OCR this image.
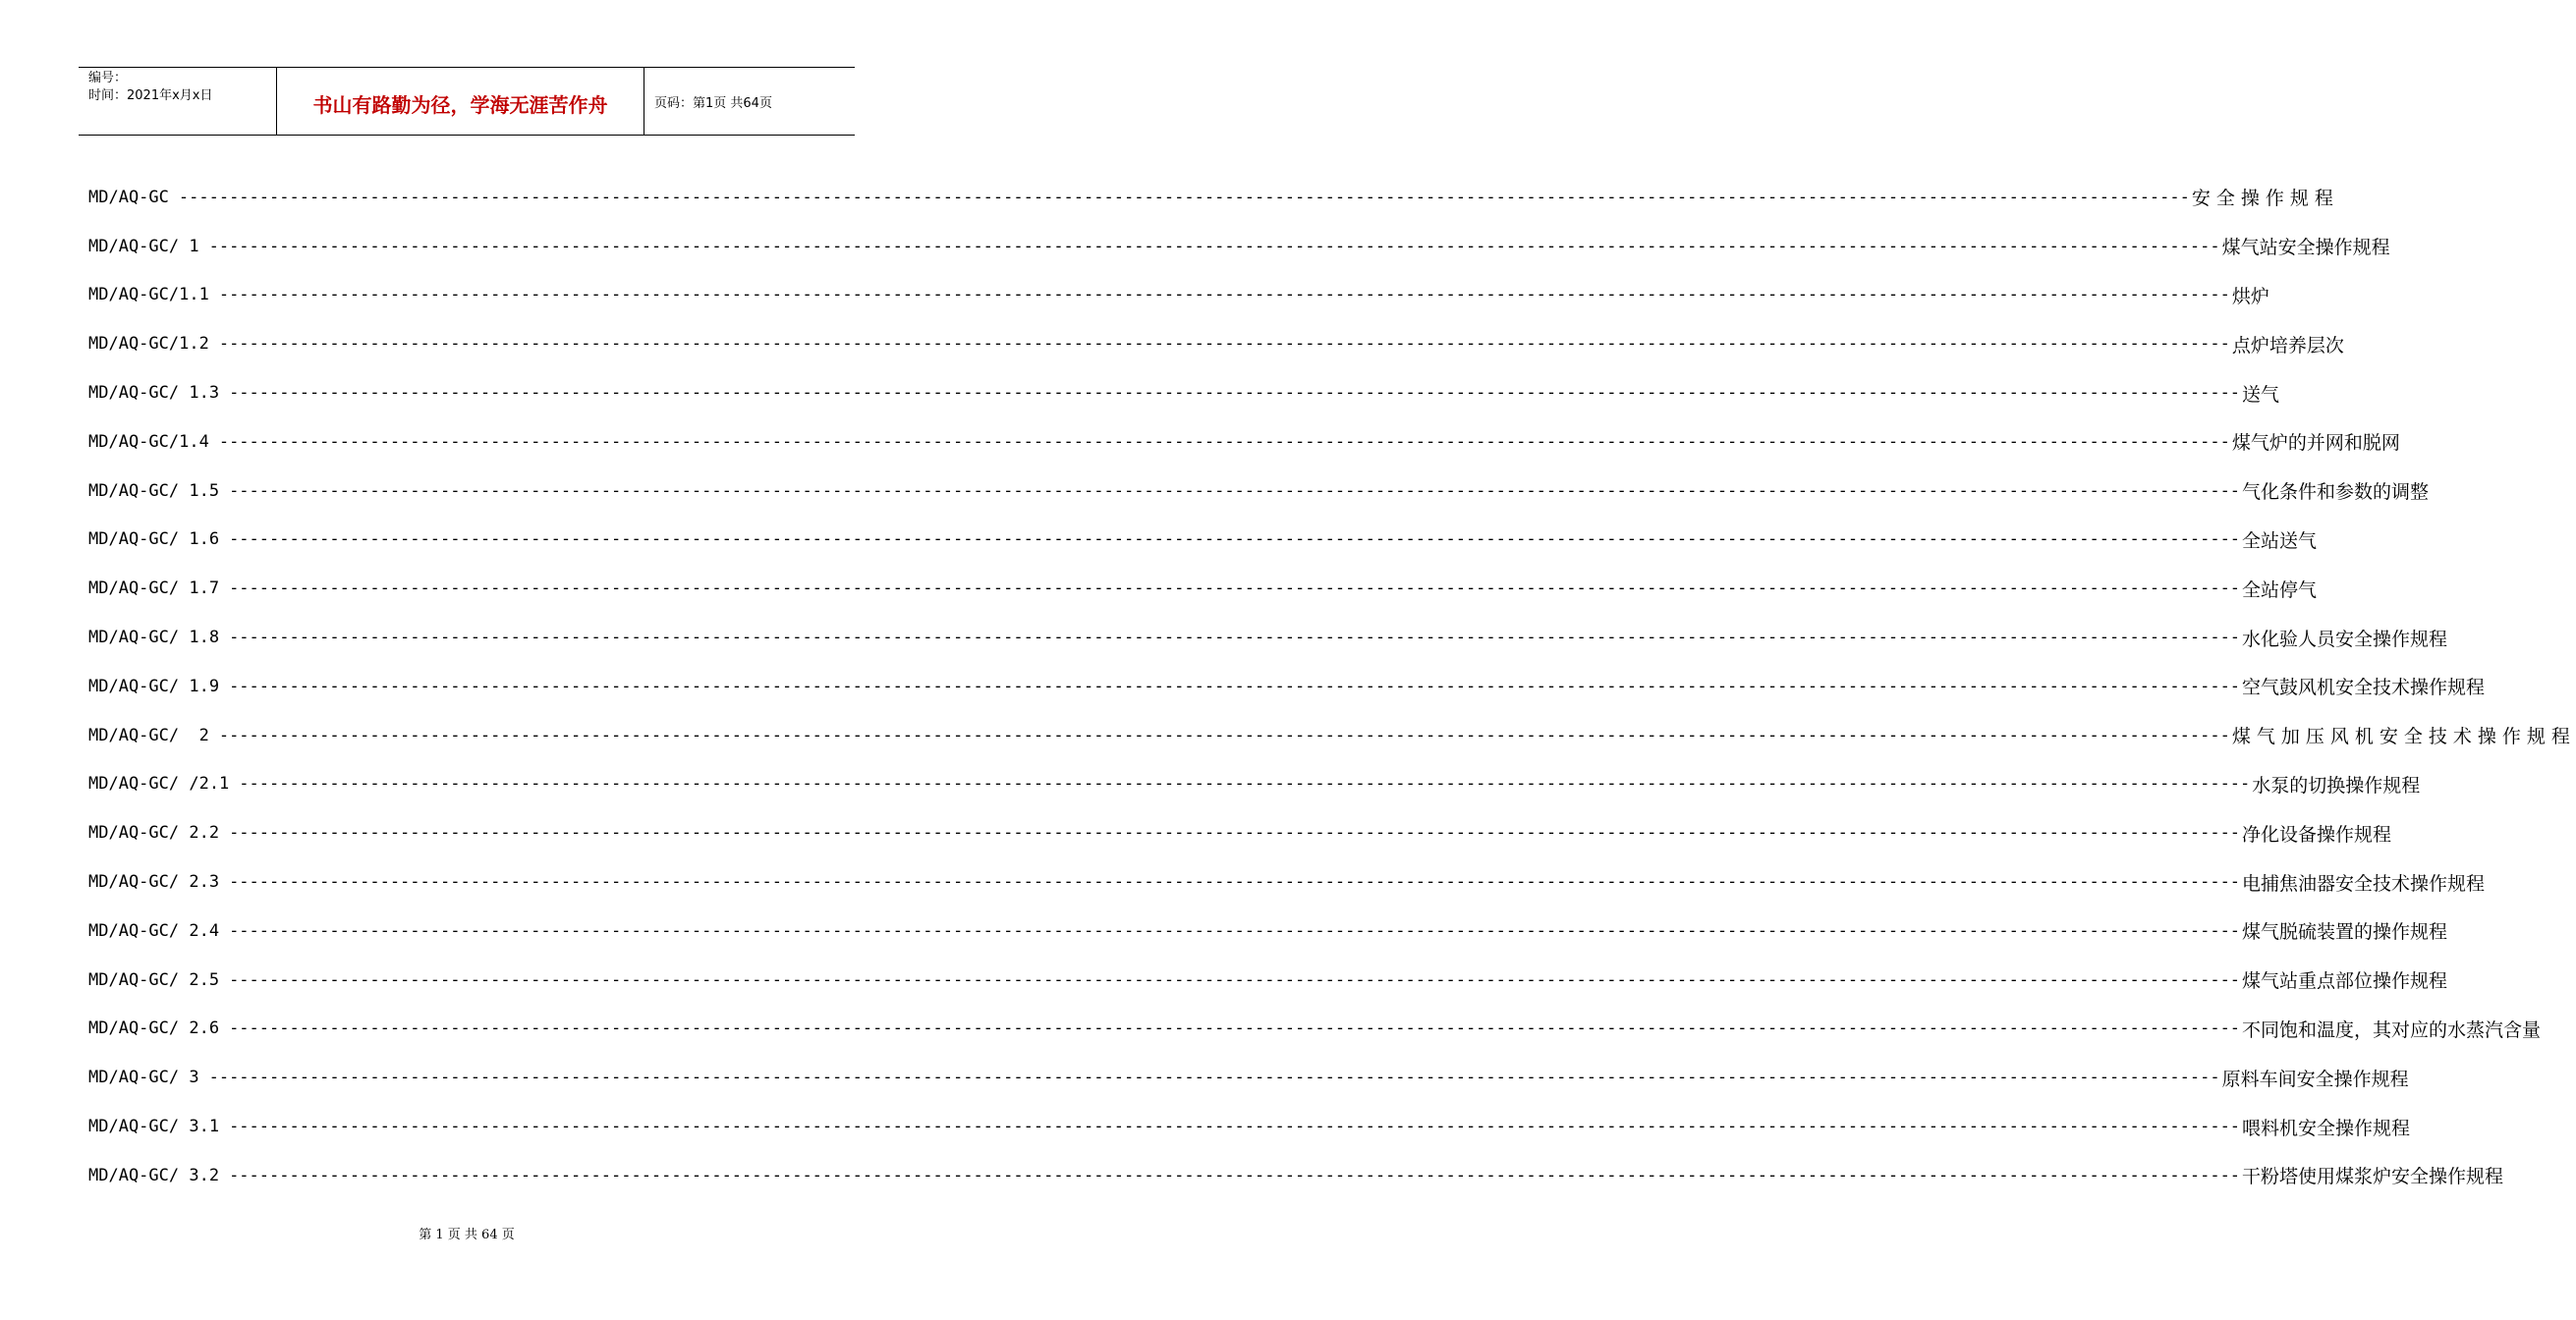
编号：
时间：2021年x月x日	书山有路勤为径，学海无涯苦作舟	页码：第1页 共64页
MD/AQ-GC -------------------------------------------------------------------------------------------------------------------------------------------------------------------------------------------------------- 安全操作规程
MD/AQ-GC/ 1 -------------------------------------------------------------------------------------------------------------------------------------------------------------------------------------------------------- 煤气站安全操作规程
MD/AQ-GC/1.1 -------------------------------------------------------------------------------------------------------------------------------------------------------------------------------------------------------- 烘炉
MD/AQ-GC/1.2 -------------------------------------------------------------------------------------------------------------------------------------------------------------------------------------------------------- 点炉培养层次
MD/AQ-GC/ 1.3 -------------------------------------------------------------------------------------------------------------------------------------------------------------------------------------------------------- 送气
MD/AQ-GC/1.4 -------------------------------------------------------------------------------------------------------------------------------------------------------------------------------------------------------- 煤气炉的并网和脱网
MD/AQ-GC/ 1.5 -------------------------------------------------------------------------------------------------------------------------------------------------------------------------------------------------------- 气化条件和参数的调整
MD/AQ-GC/ 1.6 -------------------------------------------------------------------------------------------------------------------------------------------------------------------------------------------------------- 全站送气
MD/AQ-GC/ 1.7 -------------------------------------------------------------------------------------------------------------------------------------------------------------------------------------------------------- 全站停气
MD/AQ-GC/ 1.8 -------------------------------------------------------------------------------------------------------------------------------------------------------------------------------------------------------- 水化验人员安全操作规程
MD/AQ-GC/ 1.9 -------------------------------------------------------------------------------------------------------------------------------------------------------------------------------------------------------- 空气鼓风机安全技术操作规程
MD/AQ-GC/  2 -------------------------------------------------------------------------------------------------------------------------------------------------------------------------------------------------------- 煤气加压风机安全技术操作规程
MD/AQ-GC/ /2.1 -------------------------------------------------------------------------------------------------------------------------------------------------------------------------------------------------------- 水泵的切换操作规程
MD/AQ-GC/ 2.2 -------------------------------------------------------------------------------------------------------------------------------------------------------------------------------------------------------- 净化设备操作规程
MD/AQ-GC/ 2.3 -------------------------------------------------------------------------------------------------------------------------------------------------------------------------------------------------------- 电捕焦油器安全技术操作规程
MD/AQ-GC/ 2.4 -------------------------------------------------------------------------------------------------------------------------------------------------------------------------------------------------------- 煤气脱硫装置的操作规程
MD/AQ-GC/ 2.5 -------------------------------------------------------------------------------------------------------------------------------------------------------------------------------------------------------- 煤气站重点部位操作规程
MD/AQ-GC/ 2.6 -------------------------------------------------------------------------------------------------------------------------------------------------------------------------------------------------------- 不同饱和温度，其对应的水蒸汽含量
MD/AQ-GC/ 3 -------------------------------------------------------------------------------------------------------------------------------------------------------------------------------------------------------- 原料车间安全操作规程
MD/AQ-GC/ 3.1 -------------------------------------------------------------------------------------------------------------------------------------------------------------------------------------------------------- 喂料机安全操作规程
MD/AQ-GC/ 3.2 -------------------------------------------------------------------------------------------------------------------------------------------------------------------------------------------------------- 干粉塔使用煤浆炉安全操作规程
第 1 页 共 64 页
